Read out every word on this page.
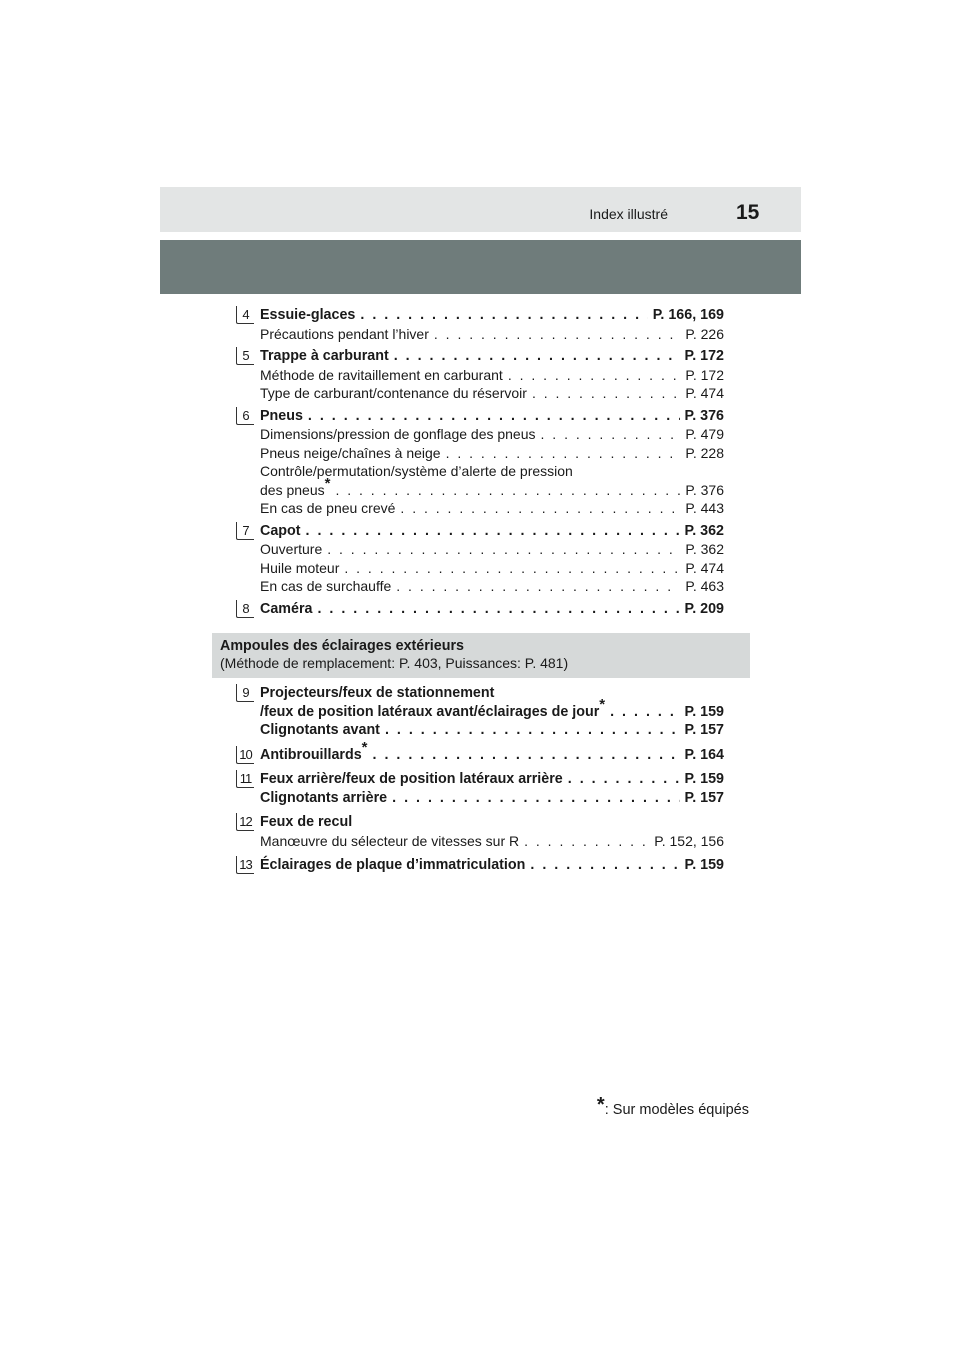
Index illustré	15
4 Essuie-glaces . . .	P. 166, 169
Précautions pendant l’hiver . . .	P. 226
5 Trappe à carburant . . .	P. 172
Méthode de ravitaillement en carburant . . .	P. 172
Type de carburant/contenance du réservoir . . .	P. 474
6 Pneus . . .	P. 376
Dimensions/pression de gonflage des pneus . . .	P. 479
Pneus neige/chaînes à neige . . .	P. 228
Contrôle/permutation/système d’alerte de pression
des pneus* . . .	P. 376
En cas de pneu crevé . . .	P. 443
7 Capot . . .	P. 362
Ouverture . . .	P. 362
Huile moteur . . .	P. 474
En cas de surchauffe . . .	P. 463
8 Caméra . . .	P. 209
Ampoules des éclairages extérieurs
(Méthode de remplacement: P. 403, Puissances: P. 481)
9 Projecteurs/feux de stationnement
/feux de position latéraux avant/éclairages de jour* . . .	P. 159
Clignotants avant . . .	P. 157
10 Antibrouillards* . . .	P. 164
11 Feux arrière/feux de position latéraux arrière . . .	P. 159
Clignotants arrière . . .	P. 157
12 Feux de recul
Manœuvre du sélecteur de vitesses sur R . . .	P. 152, 156
13 Éclairages de plaque d’immatriculation . . .	P. 159
*: Sur modèles équipés
